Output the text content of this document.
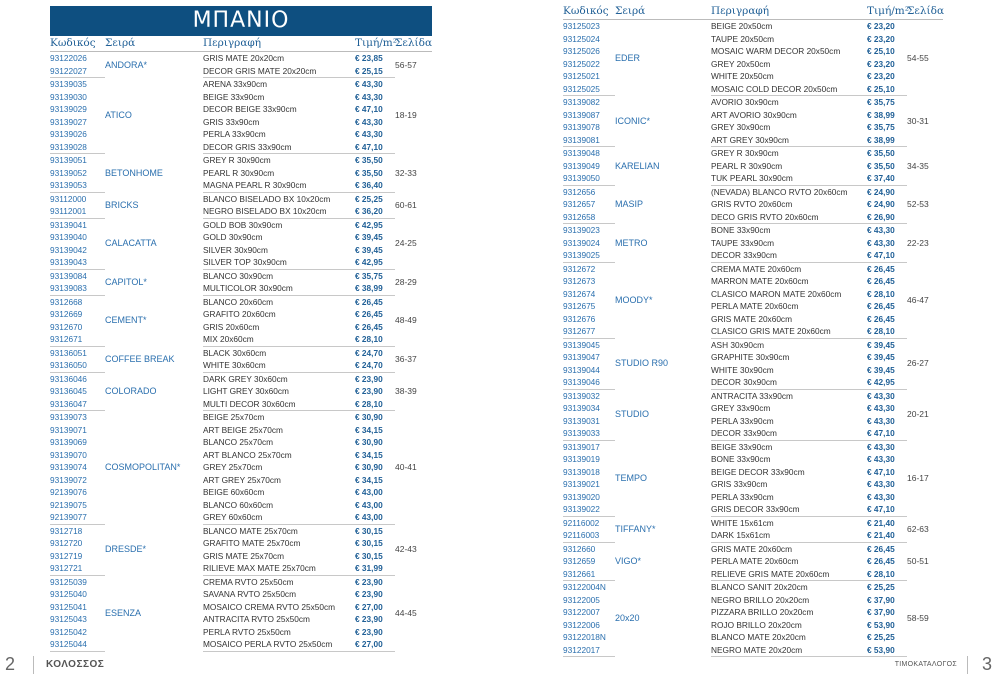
ΜΠΑΝΙΟ
Κωδικός	Σειρά	Περιγραφή	Τιμή/m²	Σελίδα
93122026	ANDORA*	GRIS MATE 20x20cm	€ 23,85	56-57
93122027		DECOR GRIS MATE 20x20cm	€ 25,15	
93139035	ATICO	ARENA 33x90cm	€ 43,30	18-19
93139030		BEIGE 33x90cm	€ 43,30	
93139029		DECOR BEIGE 33x90cm	€ 47,10	
93139027		GRIS 33x90cm	€ 43,30	
93139026		PERLA 33x90cm	€ 43,30	
93139028		DECOR GRIS 33x90cm	€ 47,10	
93139051	BETONHOME	GREY R 30x90cm	€ 35,50	32-33
93139052		PEARL R 30x90cm	€ 35,50	
93139053		MAGNA PEARL R 30x90cm	€ 36,40	
93112000	BRICKS	BLANCO BISELADO BX 10x20cm	€ 25,25	60-61
93112001		NEGRO BISELADO BX 10x20cm	€ 36,20	
93139041	CALACATTA	GOLD BOB 30x90cm	€ 42,95	24-25
93139040		GOLD 30x90cm	€ 39,45	
93139042		SILVER 30x90cm	€ 39,45	
93139043		SILVER TOP 30x90cm	€ 42,95	
93139084	CAPITOL*	BLANCO 30x90cm	€ 35,75	28-29
93139083		MULTICOLOR 30x90cm	€ 38,99	
9312668	CEMENT*	BLANCO 20x60cm	€ 26,45	48-49
9312669		GRAFITO 20x60cm	€ 26,45	
9312670		GRIS 20x60cm	€ 26,45	
9312671		MIX 20x60cm	€ 28,10	
93136051	COFFEE BREAK	BLACK 30x60cm	€ 24,70	36-37
93136050		WHITE 30x60cm	€ 24,70	
93136046	COLORADO	DARK GREY 30x60cm	€ 23,90	38-39
93136045		LIGHT GREY 30x60cm	€ 23,90	
93136047		MULTI DECOR 30x60cm	€ 28,10	
93139073	COSMOPOLITAN*	BEIGE 25x70cm	€ 30,90	40-41
93139071		ART BEIGE 25x70cm	€ 34,15	
93139069		BLANCO 25x70cm	€ 30,90	
93139070		ART BLANCO 25x70cm	€ 34,15	
93139074		GREY 25x70cm	€ 30,90	
93139072		ART GREY 25x70cm	€ 34,15	
92139076		BEIGE 60x60cm	€ 43,00	
92139075		BLANCO 60x60cm	€ 43,00	
92139077		GREY 60x60cm	€ 43,00	
9312718	DRESDE*	BLANCO MATE 25x70cm	€ 30,15	42-43
9312720		GRAFITO MATE 25x70cm	€ 30,15	
9312719		GRIS MATE 25x70cm	€ 30,15	
9312721		RILIEVE MAX MATE 25x70cm	€ 31,99	
93125039	ESENZA	CREMA RVTO 25x50cm	€ 23,90	44-45
93125040		SAVANA RVTO 25x50cm	€ 23,90	
93125041		MOSAICO CREMA RVTO 25x50cm	€ 27,00	
93125043		ANTRACITA RVTO 25x50cm	€ 23,90	
93125042		PERLA RVTO 25x50cm	€ 23,90	
93125044		MOSAICO PERLA RVTO 25x50cm	€ 27,00	
Κωδικός	Σειρά	Περιγραφή	Τιμή/m²	Σελίδα
93125023	EDER	BEIGE 20x50cm	€ 23,20	54-55
93125024		TAUPE 20x50cm	€ 23,20	
93125026		MOSAIC WARM DECOR 20x50cm	€ 25,10	
93125022		GREY 20x50cm	€ 23,20	
93125021		WHITE 20x50cm	€ 23,20	
93125025		MOSAIC COLD DECOR 20x50cm	€ 25,10	
93139082	ICONIC*	AVORIO 30x90cm	€ 35,75	30-31
93139087		ART AVORIO 30x90cm	€ 38,99	
93139078		GREY 30x90cm	€ 35,75	
93139081		ART GREY 30x90cm	€ 38,99	
93139048	KARELIAN	GREY R 30x90cm	€ 35,50	34-35
93139049		PEARL R 30x90cm	€ 35,50	
93139050		TUK PEARL 30x90cm	€ 37,40	
9312656	MASIP	(NEVADA) BLANCO RVTO 20x60cm	€ 24,90	52-53
9312657		GRIS RVTO 20x60cm	€ 24,90	
9312658		DECO GRIS RVTO 20x60cm	€ 26,90	
93139023	METRO	BONE 33x90cm	€ 43,30	22-23
93139024		TAUPE 33x90cm	€ 43,30	
93139025		DECOR 33x90cm	€ 47,10	
9312672	MOODY*	CREMA MATE 20x60cm	€ 26,45	46-47
9312673		MARRON MATE 20x60cm	€ 26,45	
9312674		CLASICO MARON MATE 20x60cm	€ 28,10	
9312675		PERLA MATE 20x60cm	€ 26,45	
9312676		GRIS MATE 20x60cm	€ 26,45	
9312677		CLASICO GRIS MATE 20x60cm	€ 28,10	
93139045	STUDIO R90	ASH 30x90cm	€ 39,45	26-27
93139047		GRAPHITE 30x90cm	€ 39,45	
93139044		WHITE 30x90cm	€ 39,45	
93139046		DECOR 30x90cm	€ 42,95	
93139032	STUDIO	ANTRACITA 33x90cm	€ 43,30	20-21
93139034		GREY 33x90cm	€ 43,30	
93139031		PERLA 33x90cm	€ 43,30	
93139033		DECOR 33x90cm	€ 47,10	
93139017	TEMPO	BEIGE 33x90cm	€ 43,30	16-17
93139019		BONE 33x90cm	€ 43,30	
93139018		BEIGE DECOR 33x90cm	€ 47,10	
93139021		GRIS 33x90cm	€ 43,30	
93139020		PERLA 33x90cm	€ 43,30	
93139022		GRIS DECOR 33x90cm	€ 47,10	
92116002	TIFFANY*	WHITE 15x61cm	€ 21,40	62-63
92116003		DARK 15x61cm	€ 21,40	
9312660	VIGO*	GRIS MATE 20x60cm	€ 26,45	50-51
9312659		PERLA MATE 20x60cm	€ 26,45	
9312661		RELIEVE GRIS MATE 20x60cm	€ 28,10	
93122004N	20x20	BLANCO SANIT 20x20cm	€ 25,25	58-59
93122005		NEGRO BRILLO 20x20cm	€ 37,90	
93122007		PIZZARA BRILLO 20x20cm	€ 37,90	
93122006		ROJO BRILLO 20x20cm	€ 53,90	
93122018N		BLANCO MATE 20x20cm	€ 25,25	
93122017		NEGRO MATE 20x20cm	€ 53,90	
2	ΚΟΛΟΣΣΟΣ	ΤΙΜΟΚΑΤΑΛΟΓΟΣ 3
